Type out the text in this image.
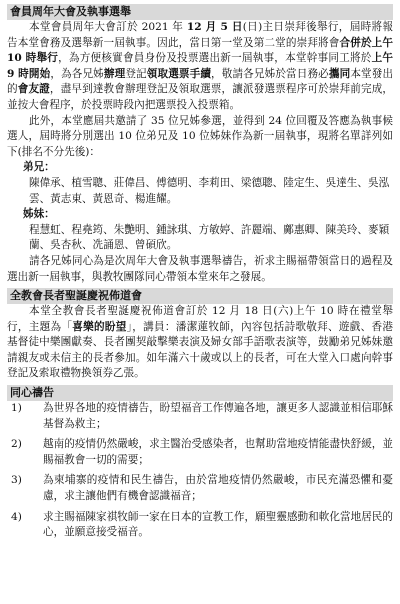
會員周年大會及執事選舉

本堂會員周年大會訂於 2021 年 12 月 5 日(日)主日崇拜後舉行，屆時將報告本堂會務及選舉新一屆執事。因此，當日第一堂及第二堂的崇拜將會合併於上午 10 時舉行，為方便核實會員身份及投票選出新一屆執事，本堂幹事同工將於上午 9 時開始，為各兄姊辦理登記領取選票手續，敬請各兄姊於當日務必攜同本堂發出的會友證，盡早到達教會辦理登記及領取選票，讓派發選票程序可於崇拜前完成，並按大會程序，於投票時段內把選票投入投票箱。

此外，本堂應屆共邀請了 35 位兄姊參選，並得到 24 位回覆及答應為執事候選人，屆時將分別選出 10 位弟兄及 10 位姊妹作為新一屆執事，現將名單詳列如下(排名不分先後)：

弟兄：

陳偉承、植雪聰、莊偉昌、傅德明、李莉田、梁德聰、陸定生、吳達生、吳泓雲、黃志東、黃恩奇、楊進耀。

姊妹：

程慧虹、程堯筠、朱艷明、鍾詠琪、方敏婷、許麗端、鄺惠卿、陳美玲、麥穎蘭、吳杏秋、冼誦恩、曾碩欣。

請各兄姊同心為是次周年大會及執事選舉禱告，祈求主賜福帶領當日的過程及選出新一屆執事，與教牧團隊同心帶領本堂來年之發展。

全教會長者聖誕慶祝佈道會

本堂全教會長者聖誕慶祝佈道會訂於 12 月 18 日(六)上午 10 時在禮堂舉行，主題為「喜樂的盼望」，講員：潘潔蓮牧師，內容包括詩歌敬拜、遊戲、香港基督徒中樂團獻奏、長者團契敲擊樂表演及婦女部手語歌表演等，鼓勵弟兄姊妹邀請親友或未信主的長者參加。如年滿六十歲或以上的長者，可在大堂入口處向幹事登記及索取禮物換領券乙張。

同心禱告
1)	為世界各地的疫情禱告，盼望福音工作傳遍各地，讓更多人認識並相信耶穌基督為救主；
2)	越南的疫情仍然嚴峻，求主醫治受感染者，也幫助當地疫情能盡快舒緩，並賜福教會一切的需要；
3)	為柬埔寨的疫情和民生禱告，由於當地疫情仍然嚴峻，市民充滿恐懼和憂慮，求主讓他們有機會認識福音；
4)	求主賜福陳家祺牧師一家在日本的宣教工作，願聖靈感動和軟化當地居民的心，並願意接受福音。
